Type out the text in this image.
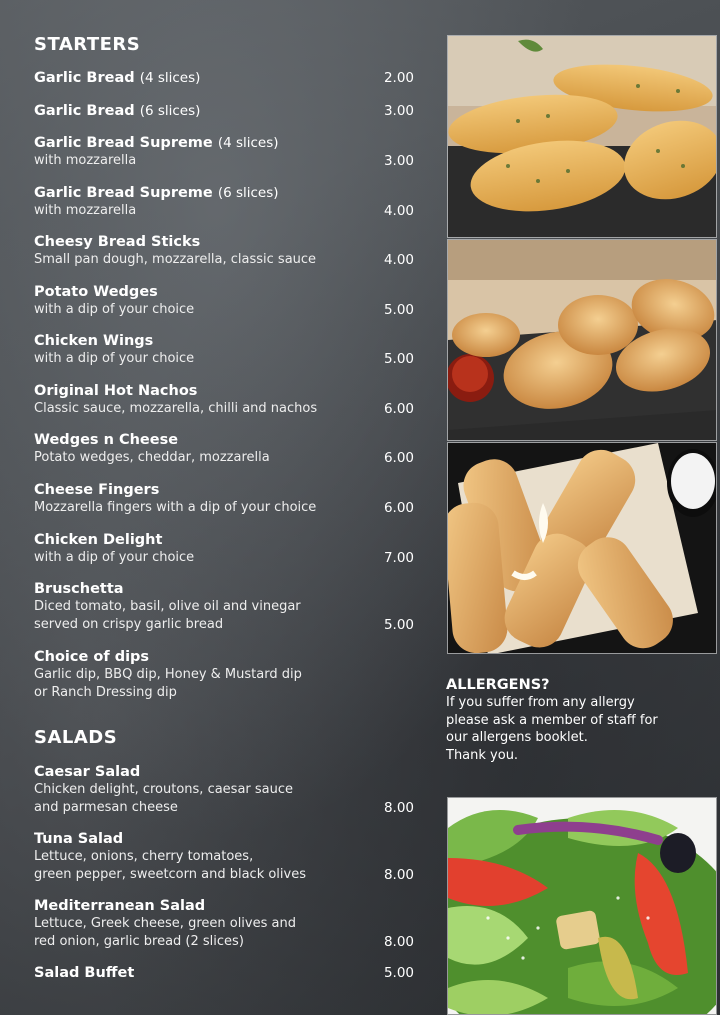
STARTERS
Garlic Bread (4 slices)	2.00
Garlic Bread (6 slices)	3.00
Garlic Bread Supreme (4 slices)
with mozzarella	3.00
Garlic Bread Supreme (6 slices)
with mozzarella	4.00
Cheesy Bread Sticks
Small pan dough, mozzarella, classic sauce	4.00
Potato Wedges
with a dip of your choice	5.00
Chicken Wings
with a dip of your choice	5.00
Original Hot Nachos
Classic sauce, mozzarella, chilli and nachos	6.00
Wedges n Cheese
Potato wedges, cheddar, mozzarella	6.00
Cheese Fingers
Mozzarella fingers with a dip of your choice	6.00
Chicken Delight
with a dip of your choice	7.00
Bruschetta
Diced tomato, basil, olive oil and vinegar
served on crispy garlic bread	5.00
Choice of dips
Garlic dip, BBQ dip, Honey & Mustard dip
or Ranch Dressing dip
SALADS
Caesar Salad
Chicken delight, croutons, caesar sauce
and parmesan cheese	8.00
Tuna Salad
Lettuce, onions, cherry tomatoes,
green pepper, sweetcorn and black olives	8.00
Mediterranean Salad
Lettuce, Greek cheese, green olives and
red onion, garlic bread (2 slices)	8.00
Salad Buffet	5.00
ALLERGENS?
If you suffer from any allergy
please ask a member of staff for
our allergens booklet.
Thank you.
